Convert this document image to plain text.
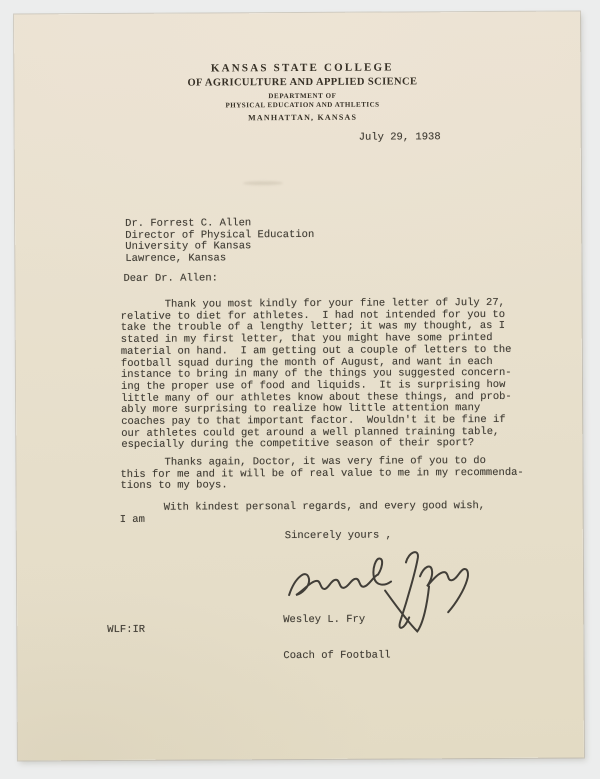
KANSAS STATE COLLEGE
OF AGRICULTURE AND APPLIED SCIENCE
DEPARTMENT OF
PHYSICAL EDUCATION AND ATHLETICS
MANHATTAN, KANSAS
July 29, 1938
Dr. Forrest C. Allen
Director of Physical Education
University of Kansas
Lawrence, Kansas
Dear Dr. Allen:
Thank you most kindly for your fine letter of July 27,
relative to diet for athletes.  I had not intended for you to
take the trouble of a lengthy letter; it was my thought, as I
stated in my first letter, that you might have some printed
material on hand.  I am getting out a couple of letters to the
football squad during the month of August, and want in each
instance to bring in many of the things you suggested concern-
ing the proper use of food and liquids.  It is surprising how
little many of our athletes know about these things, and prob-
ably more surprising to realize how little attention many
coaches pay to that important factor.  Wouldn't it be fine if
our athletes could get around a well planned training table,
especially during the competitive season of their sport?
Thanks again, Doctor, it was very fine of you to do
this for me and it will be of real value to me in my recommenda-
tions to my boys.
With kindest personal regards, and every good wish,
I am
Sincerely yours ,

Wesley L. Fry

Coach of Football

WLF:IR
